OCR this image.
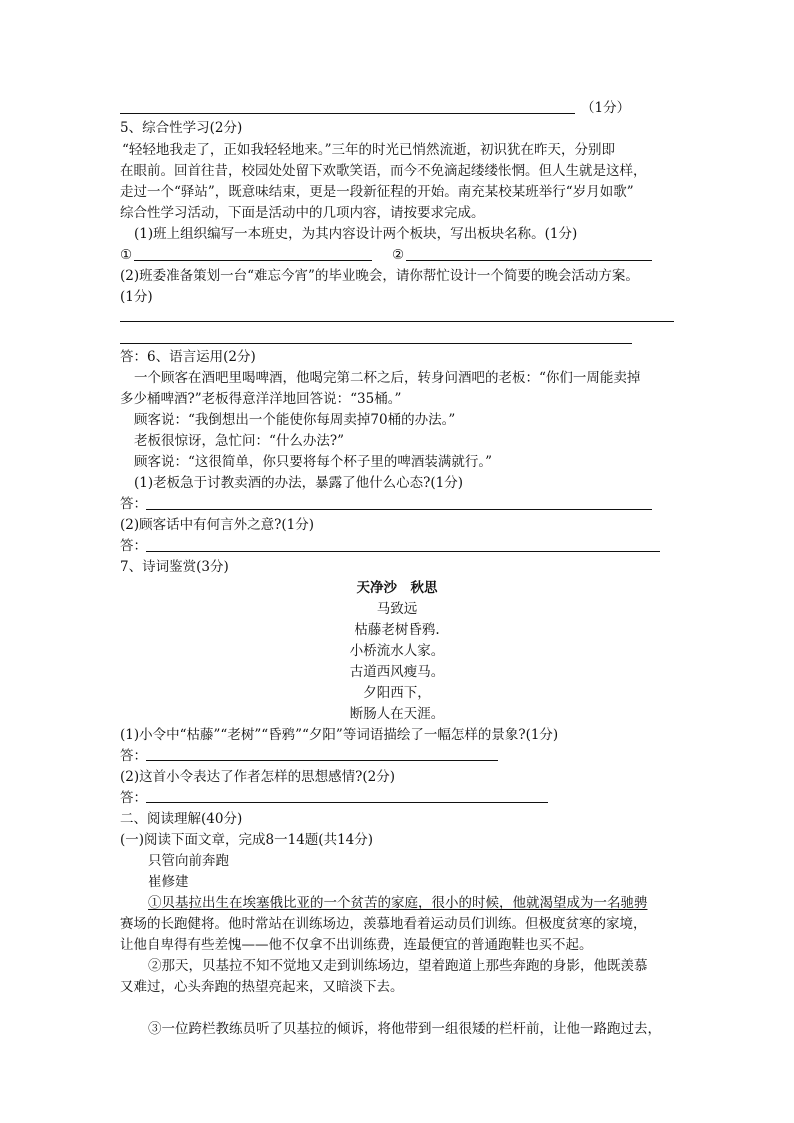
（1分）
5、综合性学习(2分)
“轻轻地我走了，正如我轻轻地来。”三年的时光已悄然流逝，初识犹在昨天，分别即
在眼前。回首往昔，校园处处留下欢歌笑语，而今不免滴起缕缕怅惘。但人生就是这样，
走过一个“驿站”，既意味结束，更是一段新征程的开始。南充某校某班举行“岁月如歌”
综合性学习活动，下面是活动中的几项内容，请按要求完成。
(1)班上组织编写一本班史，为其内容设计两个板块，写出板块名称。(1分)
①	②
(2)班委准备策划一台“难忘今宵”的毕业晚会，请你帮忙设计一个简要的晚会活动方案。
(1分)
答：6、语言运用(2分)
一个顾客在酒吧里喝啤酒，他喝完第二杯之后，转身问酒吧的老板：“你们一周能卖掉
多少桶啤酒?”老板得意洋洋地回答说：“35桶。”
顾客说：“我倒想出一个能使你每周卖掉70桶的办法。”
老板很惊讶，急忙问：“什么办法?”
顾客说：“这很简单，你只要将每个杯子里的啤酒装满就行。”
(1)老板急于讨教卖酒的办法，暴露了他什么心态?(1分)
答：
(2)顾客话中有何言外之意?(1分)
答：
7、诗词鉴赏(3分)
天净沙　秋思
马致远
枯藤老树昏鸦.
小桥流水人家。
古道西风瘦马。
夕阳西下，
断肠人在天涯。
(1)小令中“枯藤”“老树”“昏鸦”“夕阳”等词语描绘了一幅怎样的景象?(1分)
答：
(2)这首小令表达了作者怎样的思想感情?(2分)
答：
二、阅读理解(40分)
(一)阅读下面文章，完成8一14题(共14分)
只管向前奔跑
崔修建
①贝基拉出生在埃塞俄比亚的一个贫苦的家庭，很小的时候，他就渴望成为一名驰骋
赛场的长跑健将。他时常站在训练场边，羡慕地看着运动员们训练。但极度贫寒的家境，
让他自卑得有些差愧——他不仅拿不出训练费，连最便宜的普通跑鞋也买不起。
②那天，贝基拉不知不觉地又走到训练场边，望着跑道上那些奔跑的身影，他既羡慕
又难过，心头奔跑的热望亮起来，又暗淡下去。
③一位跨栏教练员听了贝基拉的倾诉，将他带到一组很矮的栏杆前，让他一路跑过去，
